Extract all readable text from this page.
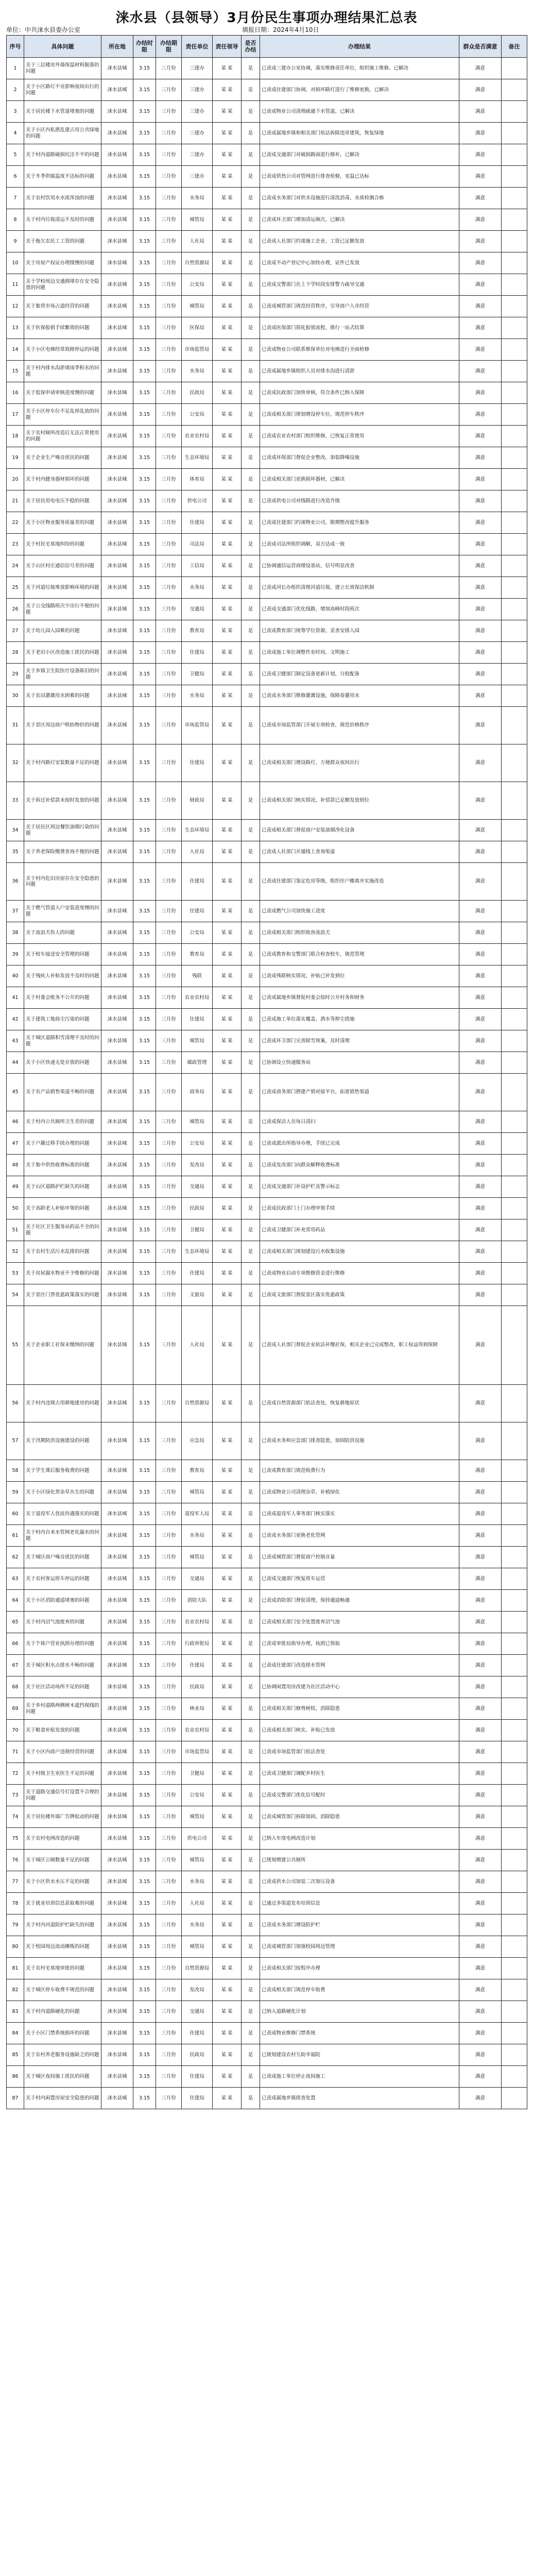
涞水县（县领导）3月份民生事项办理结果汇总表
单位：中共涞水县委办公室	填报日期：2024年4月10日
序号	具体问题	所在地	办结时限	办结期限	责任单位	责任领导	是否办结	办理结果	群众是否满意	备注
1	关于三层楼房外墙保温材料脱落的问题	涞水县城	3.15	三月份	三建办	某 某	是	已责成三建办公室协调，落实维修责任单位，组织施工维修。已解决	满意	
2	关于小区路灯不亮影响夜间出行的问题	涞水县城	3.15	三月份	三建办	某 某	是	已责成住建部门协调，对损坏路灯进行了维修更换，已解决	满意	
3	关于居民楼下水管道堵塞的问题	涞水县城	3.15	三月份	三建办	某 某	是	已责成物业公司清理疏通下水管道，已解决	满意	
4	关于小区内私搭乱建占用公共绿地的问题	涞水县城	3.15	三月份	三建办	某 某	是	已责成属地乡镇和相关部门依法拆除违章建筑，恢复绿地	满意	
5	关于村内道路破损坑洼不平的问题	涞水县城	3.15	三月份	三建办	某 某	是	已责成交通部门对破损路面进行修补，已解决	满意	
6	关于冬季供暖温度不达标的问题	涞水县城	3.15	三月份	三建办	某 某	是	已责成供热公司对管网进行排查检修，室温已达标	满意	
7	关于农村饮用水水质浑浊的问题	涞水县城	3.15	三月份	水务局	某 某	是	已责成水务部门对供水设施进行清洗消毒，水质检测合格	满意	
8	关于村内垃圾清运不及时的问题	涞水县城	3.15	三月份	城管局	某 某	是	已责成环卫部门增加清运频次，已解决	满意	
9	关于拖欠农民工工资的问题	涞水县城	3.15	三月份	人社局	某 某	是	已责成人社部门约谈施工企业，工资已足额发放	满意	
10	关于房屋产权证办理缓慢的问题	涞水县城	3.15	三月份	自然资源局	某 某	是	已责成不动产登记中心加快办理，证件已发放	满意	
11	关于学校周边交通拥堵存在安全隐患的问题	涞水县城	3.15	三月份	公安局	某 某	是	已责成交警部门在上下学时段安排警力疏导交通	满意	
12	关于集贸市场占道经营的问题	涞水县城	3.15	三月份	城管局	某 某	是	已责成城管部门规范经营秩序，引导商户入市经营	满意	
13	关于医保报销手续繁琐的问题	涞水县城	3.15	三月份	医保局	某 某	是	已责成医保部门简化报销流程，推行一站式结算	满意	
14	关于小区电梯经常故障停运的问题	涞水县城	3.15	三月份	市场监管局	某 某	是	已责成物业公司联系维保单位对电梯进行全面检修	满意	
15	关于村内排水沟淤堵雨季积水的问题	涞水县城	3.15	三月份	水务局	某 某	是	已责成属地乡镇组织人员对排水沟进行清淤	满意	
16	关于低保申请审核进度慢的问题	涞水县城	3.15	三月份	民政局	某 某	是	已责成民政部门加快审核，符合条件已纳入保障	满意	
17	关于小区停车位不足乱停乱放的问题	涞水县城	3.15	三月份	公安局	某 某	是	已责成相关部门规划增设停车位，规范停车秩序	满意	
18	关于农村厕所改造后无法正常使用的问题	涞水县城	3.15	三月份	农业农村局	某 某	是	已责成农业农村部门组织维修，已恢复正常使用	满意	
19	关于企业生产噪音扰民的问题	涞水县城	3.15	三月份	生态环境局	某 某	是	已责成环保部门督促企业整改，加装降噪设施	满意	
20	关于村内健身器材损坏的问题	涞水县城	3.15	三月份	体育局	某 某	是	已责成相关部门更换损坏器材，已解决	满意	
21	关于居民用电电压不稳的问题	涞水县城	3.15	三月份	供电公司	某 某	是	已责成供电公司对线路进行改造升级	满意	
22	关于小区物业服务质量差的问题	涞水县城	3.15	三月份	住建局	某 某	是	已责成住建部门约谈物业公司，限期整改提升服务	满意	
23	关于村民宅基地纠纷的问题	涞水县城	3.15	三月份	司法局	某 某	是	已责成司法所组织调解，双方达成一致	满意	
24	关于山区村庄通信信号差的问题	涞水县城	3.15	三月份	工信局	某 某	是	已协调通信运营商增设基站，信号明显改善	满意	
25	关于河道垃圾堆放影响环境的问题	涞水县城	3.15	三月份	水务局	某 某	是	已责成河长办组织清理河道垃圾，建立长效保洁机制	满意	
26	关于公交线路班次少出行不便的问题	涞水县城	3.15	三月份	交通局	某 某	是	已责成交通部门优化线路，增加高峰时段班次	满意	
27	关于幼儿园入园难的问题	涞水县城	3.15	三月份	教育局	某 某	是	已责成教育部门统筹学位资源，妥善安排入园	满意	
28	关于老旧小区改造施工扰民的问题	涞水县城	3.15	三月份	住建局	某 某	是	已责成施工单位调整作业时间，文明施工	满意	
29	关于乡镇卫生院医疗设备陈旧的问题	涞水县城	3.15	三月份	卫健局	某 某	是	已责成卫健部门制定设备更新计划，分批配备	满意	
30	关于农田灌溉用水困难的问题	涞水县城	3.15	三月份	水务局	某 某	是	已责成水务部门维修灌溉设施，保障春灌用水	满意	
31	关于景区周边商户哄抬物价的问题	涞水县城	3.15	三月份	市场监管局	某 某	是	已责成市场监管部门开展专项检查，规范价格秩序	满意	
32	关于村内路灯安装数量不足的问题	涞水县城	3.15	三月份	住建局	某 某	是	已责成相关部门增设路灯，方便群众夜间出行	满意	
33	关于拆迁补偿款未按时发放的问题	涞水县城	3.15	三月份	财政局	某 某	是	已责成相关部门核实情况，补偿款已足额发放到位	满意	
34	关于居民区周边餐饮油烟污染的问题	涞水县城	3.15	三月份	生态环境局	某 某	是	已责成相关部门督促商户安装油烟净化设备	满意	
35	关于养老保险缴费查询不便的问题	涞水县城	3.15	三月份	人社局	某 某	是	已责成人社部门开通线上查询渠道	满意	
36	关于村内危旧房屋存在安全隐患的问题	涞水县城	3.15	三月份	住建局	某 某	是	已责成住建部门鉴定危房等级，组织住户搬离并实施改造	满意	
37	关于燃气管道入户安装进度慢的问题	涞水县城	3.15	三月份	住建局	某 某	是	已责成燃气公司加快施工进度	满意	
38	关于流浪犬伤人的问题	涞水县城	3.15	三月份	公安局	某 某	是	已责成相关部门组织收容流浪犬	满意	
39	关于校车接送安全管理的问题	涞水县城	3.15	三月份	教育局	某 某	是	已责成教育和交警部门联合检查校车，规范管理	满意	
40	关于残疾人补贴发放不及时的问题	涞水县城	3.15	三月份	残联	某 某	是	已责成残联核实情况，补贴已补发到位	满意	
41	关于村委会账务不公开的问题	涞水县城	3.15	三月份	农业农村局	某 某	是	已责成属地乡镇督促村委会按时公开村务和财务	满意	
42	关于建筑工地扬尘污染的问题	涞水县城	3.15	三月份	住建局	某 某	是	已责成施工单位落实覆盖、洒水等抑尘措施	满意	
43	关于城区道路积雪清理不及时的问题	涞水县城	3.15	三月份	城管局	某 某	是	已责成环卫部门完善除雪预案，及时清理	满意	
44	关于小区快递无处存放的问题	涞水县城	3.15	三月份	邮政管理	某 某	是	已协调设立快递服务站	满意	
45	关于农产品销售渠道不畅的问题	涞水县城	3.15	三月份	商务局	某 某	是	已责成商务部门搭建产销对接平台，拓宽销售渠道	满意	
46	关于村内公共厕所卫生差的问题	涞水县城	3.15	三月份	城管局	某 某	是	已责成保洁人员每日清扫	满意	
47	关于户籍迁移手续办理的问题	涞水县城	3.15	三月份	公安局	某 某	是	已责成派出所指导办理，手续已完成	满意	
48	关于集中供热收费标准的问题	涞水县城	3.15	三月份	发改局	某 某	是	已责成发改部门向群众解释收费标准	满意	
49	关于山区道路护栏缺失的问题	涞水县城	3.15	三月份	交通局	某 某	是	已责成交通部门补设护栏及警示标志	满意	
50	关于高龄老人补贴申领的问题	涞水县城	3.15	三月份	民政局	某 某	是	已责成民政部门上门办理申领手续	满意	
51	关于社区卫生服务站药品不全的问题	涞水县城	3.15	三月份	卫健局	某 某	是	已责成卫健部门补充常用药品	满意	
52	关于农村生活污水乱排的问题	涞水县城	3.15	三月份	生态环境局	某 某	是	已责成相关部门规划建设污水收集设施	满意	
53	关于房屋漏水物业不予维修的问题	涞水县城	3.15	三月份	住建局	某 某	是	已责成物业启动专项维修资金进行维修	满意	
54	关于景区门票优惠政策落实的问题	涞水县城	3.15	三月份	文旅局	某 某	是	已责成文旅部门督促景区落实优惠政策	满意	
55	关于企业职工社保未缴纳的问题	涞水县城	3.15	三月份	人社局	某 某	是	已责成人社部门督促企业依法补缴社保，相关企业已完成整改，职工权益得到保障	满意	
56	关于村内违规占用耕地建房的问题	涞水县城	3.15	三月份	自然资源局	某 某	是	已责成自然资源部门依法查处，恢复耕地原状	满意	
57	关于汛期防洪设施建设的问题	涞水县城	3.15	三月份	应急局	某 某	是	已责成水务和应急部门排查隐患，加固防洪设施	满意	
58	关于学生课后服务收费的问题	涞水县城	3.15	三月份	教育局	某 某	是	已责成教育部门规范收费行为	满意	
59	关于小区绿化带杂草丛生的问题	涞水县城	3.15	三月份	城管局	某 某	是	已责成物业公司清理杂草，补植绿化	满意	
60	关于退役军人优抚待遇落实的问题	涞水县城	3.15	三月份	退役军人局	某 某	是	已责成退役军人事务部门核实落实	满意	
61	关于村内自来水管网老化漏水的问题	涞水县城	3.15	三月份	水务局	某 某	是	已责成水务部门更换老化管网	满意	
62	关于城区商户噪音扰民的问题	涞水县城	3.15	三月份	城管局	某 某	是	已责成城管部门督促商户控制音量	满意	
63	关于农村客运班车停运的问题	涞水县城	3.15	三月份	交通局	某 某	是	已责成交通部门恢复班车运营	满意	
64	关于小区消防通道堵塞的问题	涞水县城	3.15	三月份	消防大队	某 某	是	已责成消防部门督促清理，保持通道畅通	满意	
65	关于村内沼气池废弃的问题	涞水县城	3.15	三月份	农业农村局	某 某	是	已责成相关部门安全处置废弃沼气池	满意	
66	关于个体户营业执照办理的问题	涞水县城	3.15	三月份	行政审批局	某 某	是	已责成审批局指导办理，执照已领取	满意	
67	关于城区积水点排水不畅的问题	涞水县城	3.15	三月份	住建局	某 某	是	已责成住建部门改造排水管网	满意	
68	关于社区活动场所不足的问题	涞水县城	3.15	三月份	民政局	某 某	是	已协调闲置用房改建为社区活动中心	满意	
69	关于乡村道路两侧树木遮挡视线的问题	涞水县城	3.15	三月份	林业局	某 某	是	已责成相关部门修剪树枝，消除隐患	满意	
70	关于粮食补贴发放的问题	涞水县城	3.15	三月份	农业农村局	某 某	是	已责成相关部门核实，补贴已发放	满意	
71	关于小区内商户违规经营的问题	涞水县城	3.15	三月份	市场监管局	某 某	是	已责成市场监管部门依法查处	满意	
72	关于村级卫生室医生不足的问题	涞水县城	3.15	三月份	卫健局	某 某	是	已责成卫健部门调配乡村医生	满意	
73	关于道路交通信号灯设置不合理的问题	涞水县城	3.15	三月份	公安局	某 某	是	已责成交警部门优化信号配时	满意	
74	关于居民楼外墙广告牌松动的问题	涞水县城	3.15	三月份	城管局	某 某	是	已责成城管部门拆除加固，消除隐患	满意	
75	关于农村电网改造的问题	涞水县城	3.15	三月份	供电公司	某 某	是	已纳入年度电网改造计划	满意	
76	关于城区公厕数量不足的问题	涞水县城	3.15	三月份	城管局	某 某	是	已规划增建公共厕所	满意	
77	关于小区供水水压不足的问题	涞水县城	3.15	三月份	水务局	某 某	是	已责成供水公司加装二次加压设备	满意	
78	关于就业培训信息获取难的问题	涞水县城	3.15	三月份	人社局	某 某	是	已通过多渠道发布培训信息	满意	
79	关于村内河道防护栏缺失的问题	涞水县城	3.15	三月份	水务局	某 某	是	已责成水务部门增设防护栏	满意	
80	关于校园周边流动摊贩的问题	涞水县城	3.15	三月份	城管局	某 某	是	已责成城管部门加强校园周边管理	满意	
81	关于农村宅基地审批的问题	涞水县城	3.15	三月份	自然资源局	某 某	是	已责成相关部门按程序办理	满意	
82	关于城区停车收费不规范的问题	涞水县城	3.15	三月份	发改局	某 某	是	已责成相关部门规范停车收费	满意	
83	关于村内道路硬化的问题	涞水县城	3.15	三月份	交通局	某 某	是	已纳入道路硬化计划	满意	
84	关于小区门禁系统损坏的问题	涞水县城	3.15	三月份	住建局	某 某	是	已责成物业维修门禁系统	满意	
85	关于农村养老服务设施缺乏的问题	涞水县城	3.15	三月份	民政局	某 某	是	已规划建设农村互助幸福院	满意	
86	关于城区夜间施工扰民的问题	涞水县城	3.15	三月份	住建局	某 某	是	已责成施工单位停止夜间施工	满意	
87	关于村内闲置房屋安全隐患的问题	涞水县城	3.15	三月份	住建局	某 某	是	已责成属地乡镇排查处置	满意	
